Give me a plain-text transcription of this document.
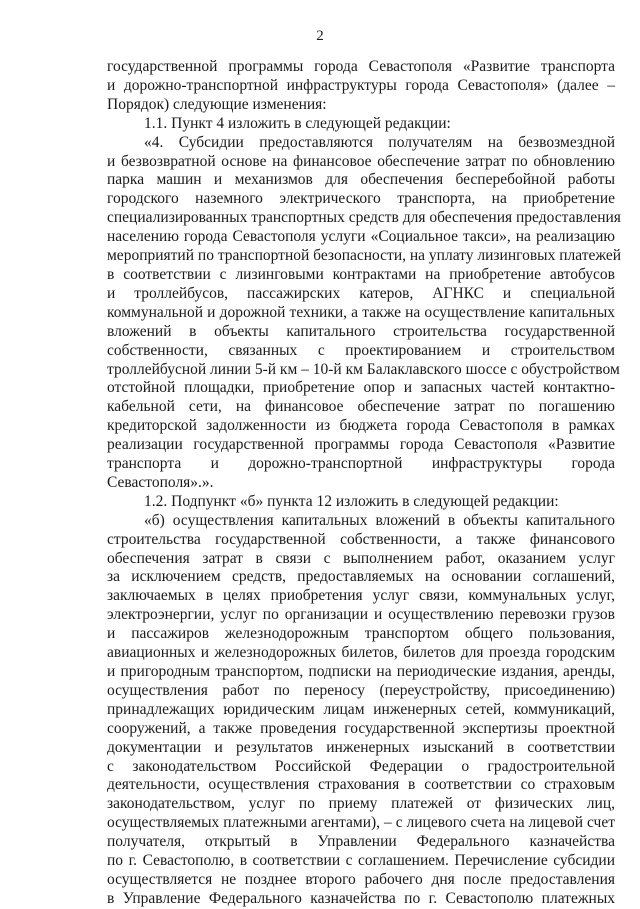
2
государственной программы города Севастополя «Развитие транспорта
и дорожно-транспортной инфраструктуры города Севастополя» (далее –
Порядок) следующие изменения:
1.1. Пункт 4 изложить в следующей редакции:
«4. Субсидии предоставляются получателям на безвозмездной
и безвозвратной основе на финансовое обеспечение затрат по обновлению
парка машин и механизмов для обеспечения бесперебойной работы
городского наземного электрического транспорта, на приобретение
специализированных транспортных средств для обеспечения предоставления
населению города Севастополя услуги «Социальное такси», на реализацию
мероприятий по транспортной безопасности, на уплату лизинговых платежей
в соответствии с лизинговыми контрактами на приобретение автобусов
и троллейбусов, пассажирских катеров, АГНКС и специальной
коммунальной и дорожной техники, а также на осуществление капитальных
вложений в объекты капитального строительства государственной
собственности, связанных с проектированием и строительством
троллейбусной линии 5-й км – 10-й км Балаклавского шоссе с обустройством
отстойной площадки, приобретение опор и запасных частей контактно-
кабельной сети, на финансовое обеспечение затрат по погашению
кредиторской задолженности из бюджета города Севастополя в рамках
реализации государственной программы города Севастополя «Развитие
транспорта и дорожно-транспортной инфраструктуры города
Севастополя».».
1.2. Подпункт «б» пункта 12 изложить в следующей редакции:
«б) осуществления капитальных вложений в объекты капитального
строительства государственной собственности, а также финансового
обеспечения затрат в связи с выполнением работ, оказанием услуг
за исключением средств, предоставляемых на основании соглашений,
заключаемых в целях приобретения услуг связи, коммунальных услуг,
электроэнергии, услуг по организации и осуществлению перевозки грузов
и пассажиров железнодорожным транспортом общего пользования,
авиационных и железнодорожных билетов, билетов для проезда городским
и пригородным транспортом, подписки на периодические издания, аренды,
осуществления работ по переносу (переустройству, присоединению)
принадлежащих юридическим лицам инженерных сетей, коммуникаций,
сооружений, а также проведения государственной экспертизы проектной
документации и результатов инженерных изысканий в соответствии
с законодательством Российской Федерации о градостроительной
деятельности, осуществления страхования в соответствии со страховым
законодательством, услуг по приему платежей от физических лиц,
осуществляемых платежными агентами), – с лицевого счета на лицевой счет
получателя, открытый в Управлении Федерального казначейства
по г. Севастополю, в соответствии с соглашением. Перечисление субсидии
осуществляется не позднее второго рабочего дня после предоставления
в Управление Федерального казначейства по г. Севастополю платежных
